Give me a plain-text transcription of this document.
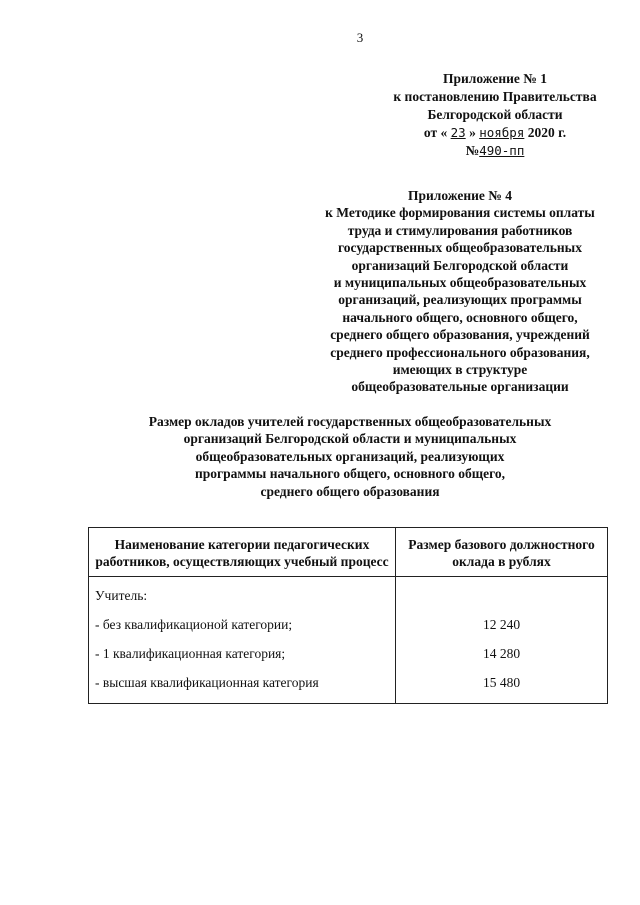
3
Приложение № 1
к постановлению Правительства
Белгородской области
от « 23 » ноября 2020 г.
№490-пп
Приложение № 4
к Методике формирования системы оплаты
труда и стимулирования работников
государственных общеобразовательных
организаций Белгородской области
и муниципальных общеобразовательных
организаций, реализующих программы
начального общего, основного общего,
среднего общего образования, учреждений
среднего профессионального образования,
имеющих в структуре
общеобразовательные организации
Размер окладов учителей государственных общеобразовательных
организаций Белгородской области и муниципальных
общеобразовательных организаций, реализующих
программы начального общего, основного общего,
среднего общего образования
Наименование категории педагогических работников, осуществляющих учебный процесс	Размер базового должностного оклада в рублях
Учитель:	
- без квалификационой категории;	12 240
- 1 квалификационная категория;	14 280
- высшая квалификационная категория	15 480
